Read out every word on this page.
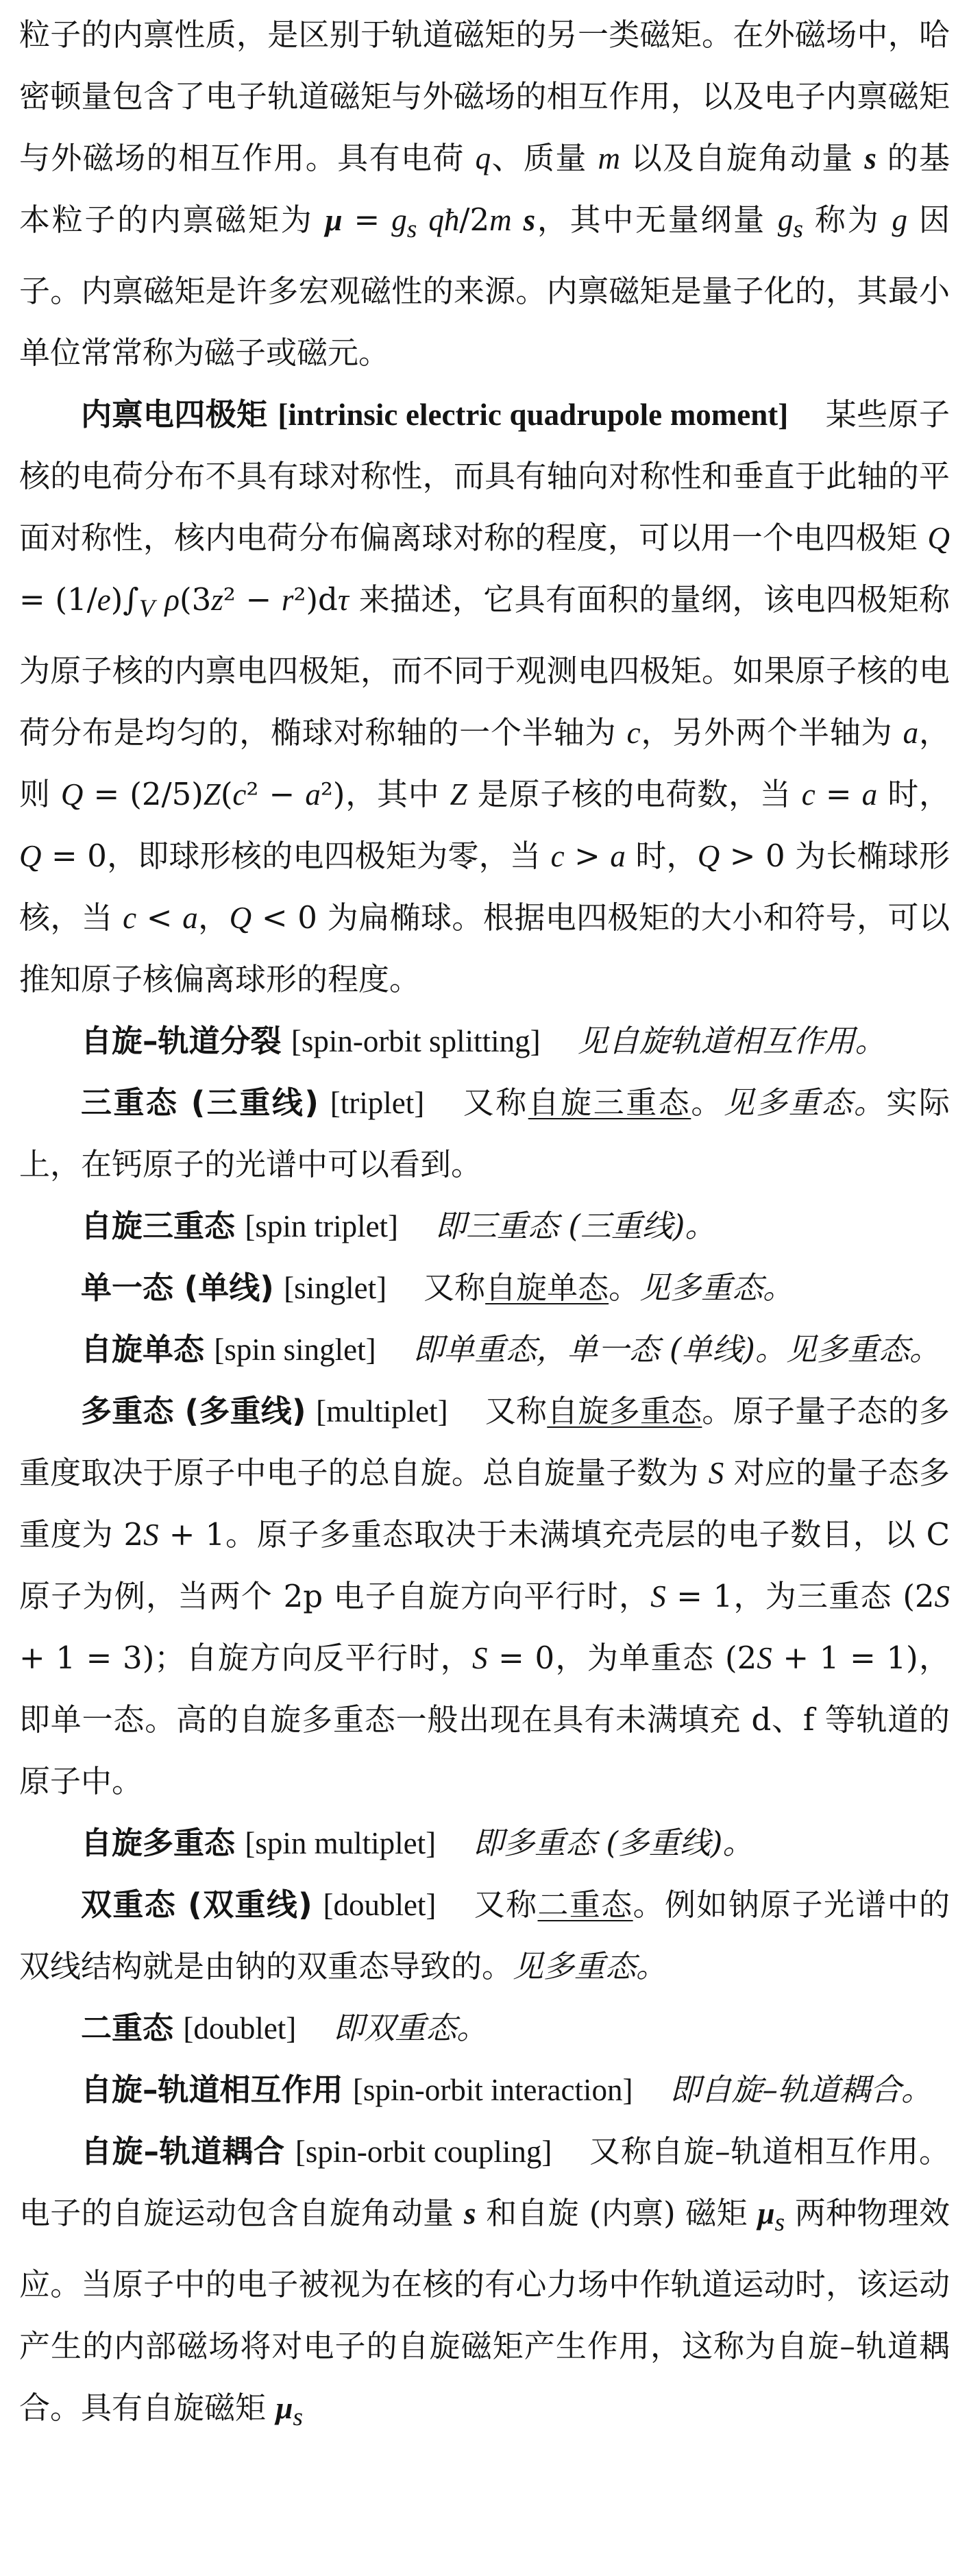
粒子的内禀性质，是区别于轨道磁矩的另一类磁矩。在外磁场中，哈密顿量包含了电子轨道磁矩与外磁场的相互作用，以及电子内禀磁矩与外磁场的相互作用。具有电荷 q、质量 m 以及自旋角动量 s 的基本粒子的内禀磁矩为 $\mu = g_s$ qħ/2m s，其中无量纲量 $g_s$ 称为 g 因子。内禀磁矩是许多宏观磁性的来源。内禀磁矩是量子化的，其最小单位常常称为磁子或磁元。

内禀电四极矩 [intrinsic electric quadrupole moment] 某些原子核的电荷分布不具有球对称性，而具有轴向对称性和垂直于此轴的平面对称性，核内电荷分布偏离球对称的程度，可以用一个电四极矩 $Q = (1/e)\int_V$ ρ(3z² − r²)dτ 来描述，它具有面积的量纲，该电四极矩称为原子核的内禀电四极矩，而不同于观测电四极矩。如果原子核的电荷分布是均匀的，椭球对称轴的一个半轴为 c，另外两个半轴为 a，则 Q = (2/5)Z(c² − a²)，其中 Z 是原子核的电荷数，当 c = a 时，Q = 0，即球形核的电四极矩为零，当 c > a 时，Q > 0 为长椭球形核，当 c < a，Q < 0 为扁椭球。根据电四极矩的大小和符号，可以推知原子核偏离球形的程度。

自旋–轨道分裂 [spin-orbit splitting] 见自旋轨道相互作用。

三重态 (三重线) [triplet] 又称自旋三重态。见多重态。实际上，在钙原子的光谱中可以看到。

自旋三重态 [spin triplet] 即三重态 (三重线)。

单一态 (单线) [singlet] 又称自旋单态。见多重态。

自旋单态 [spin singlet] 即单重态，单一态 (单线)。见多重态。

多重态 (多重线) [multiplet] 又称自旋多重态。原子量子态的多重度取决于原子中电子的总自旋。总自旋量子数为 S 对应的量子态多重度为 2S + 1。原子多重态取决于未满填充壳层的电子数目，以 C 原子为例，当两个 2p 电子自旋方向平行时，S = 1，为三重态 (2S + 1 = 3)；自旋方向反平行时，S = 0，为单重态 (2S + 1 = 1)，即单一态。高的自旋多重态一般出现在具有未满填充 d、f 等轨道的原子中。

自旋多重态 [spin multiplet] 即多重态 (多重线)。

双重态 (双重线) [doublet] 又称二重态。例如钠原子光谱中的双线结构就是由钠的双重态导致的。见多重态。

二重态 [doublet] 即双重态。

自旋–轨道相互作用 [spin-orbit interaction] 即自旋–轨道耦合。

自旋–轨道耦合 [spin-orbit coupling] 又称自旋–轨道相互作用。电子的自旋运动包含自旋角动量 s 和自旋 (内禀) 磁矩 $\mu_s$ 两种物理效应。当原子中的电子被视为在核的有心力场中作轨道运动时，该运动产生的内部磁场将对电子的自旋磁矩产生作用，这称为自旋–轨道耦合。具有自旋磁矩 $\mu_s$
